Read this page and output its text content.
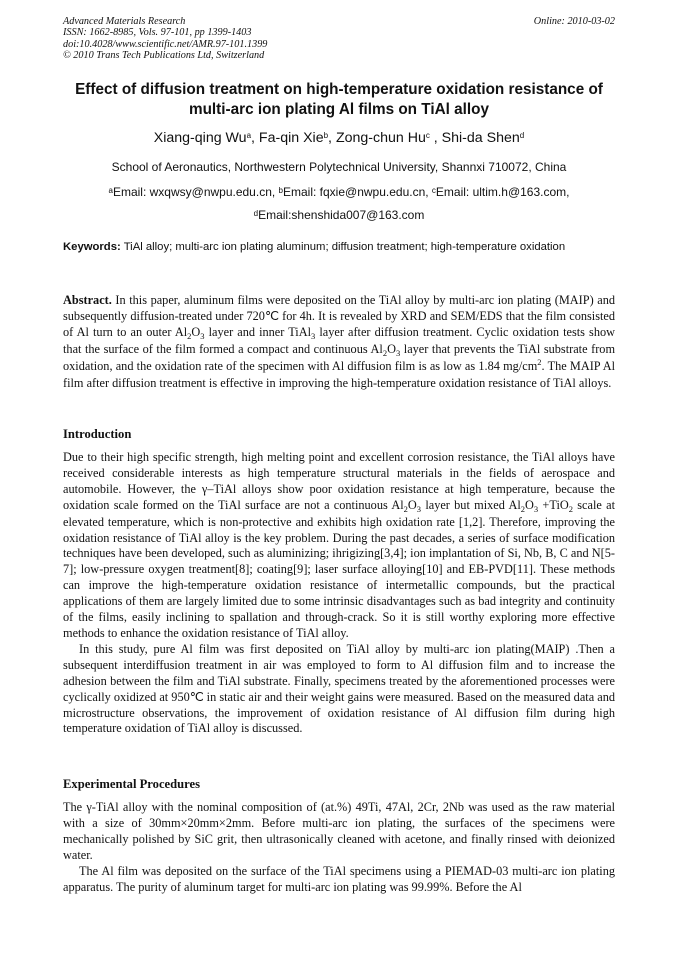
Advanced Materials Research
ISSN: 1662-8985, Vols. 97-101, pp 1399-1403
doi:10.4028/www.scientific.net/AMR.97-101.1399
© 2010 Trans Tech Publications Ltd, Switzerland
Online: 2010-03-02
Effect of diffusion treatment on high-temperature oxidation resistance of
multi-arc ion plating Al films on TiAl alloy
Xiang-qing Wu$^a$, Fa-qin Xie$^b$, Zong-chun Hu$^c$ , Shi-da Shen$^d$
School of Aeronautics, Northwestern Polytechnical University, Shannxi 710072, China
$^a$Email: wxqwsy@nwpu.edu.cn, $^b$Email: fqxie@nwpu.edu.cn, $^c$Email: ultim.h@163.com,
$^d$Email:shenshida007@163.com
Keywords: TiAl alloy; multi-arc ion plating aluminum; diffusion treatment; high-temperature oxidation

Abstract. In this paper, aluminum films were deposited on the TiAl alloy by multi-arc ion plating (MAIP) and subsequently diffusion-treated under 720℃ for 4h. It is revealed by XRD and SEM/EDS that the film consisted of Al turn to an outer $Al_2O_3$ layer and inner TiAl$_3$ layer after diffusion treatment. Cyclic oxidation tests show that the surface of the film formed a compact and continuous $Al_2O_3$ layer that prevents the TiAl substrate from oxidation, and the oxidation rate of the specimen with Al diffusion film is as low as 1.84 $mg/cm^2$. The MAIP Al film after diffusion treatment is effective in improving the high-temperature oxidation resistance of TiAl alloys.

Introduction

Due to their high specific strength, high melting point and excellent corrosion resistance, the TiAl alloys have received considerable interests as high temperature structural materials in the fields of aerospace and automobile. However, the γ–TiAl alloys show poor oxidation resistance at high temperature, because the oxidation scale formed on the TiAl surface are not a continuous $Al_2O_3$ layer but mixed $Al_2O_3 +TiO_2$ scale at elevated temperature, which is non-protective and exhibits high oxidation rate [1,2]. Therefore, improving the oxidation resistance of TiAl alloy is the key problem. During the past decades, a series of surface modification techniques have been developed, such as aluminizing; ihrigizing[3,4]; ion implantation of Si, Nb, B, C and N[5-7]; low-pressure oxygen treatment[8]; coating[9]; laser surface alloying[10] and EB-PVD[11]. These methods can improve the high-temperature oxidation resistance of intermetallic compounds, but the practical applications of them are largely limited due to some intrinsic disadvantages such as bad integrity and continuity of the films, easily inclining to spallation and through-crack. So it is still worthy exploring more effective methods to enhance the oxidation resistance of TiAl alloy.

In this study, pure Al film was first deposited on TiAl alloy by multi-arc ion plating(MAIP) .Then a subsequent interdiffusion treatment in air was employed to form to Al diffusion film and to increase the adhesion between the film and TiAl substrate. Finally, specimens treated by the aforementioned processes were cyclically oxidized at 950℃ in static air and their weight gains were measured. Based on the measured data and microstructure observations, the improvement of oxidation resistance of Al diffusion film during high temperature oxidation of TiAl alloy is discussed.

Experimental Procedures

The γ-TiAl alloy with the nominal composition of (at.%) 49Ti, 47Al, 2Cr, 2Nb was used as the raw material with a size of 30mm×20mm×2mm. Before multi-arc ion plating, the surfaces of the specimens were mechanically polished by SiC grit, then ultrasonically cleaned with acetone, and finally rinsed with deionized water.

The Al film was deposited on the surface of the TiAl specimens using a PIEMAD-03 multi-arc ion plating apparatus. The purity of aluminum target for multi-arc ion plating was 99.99%. Before the Al
